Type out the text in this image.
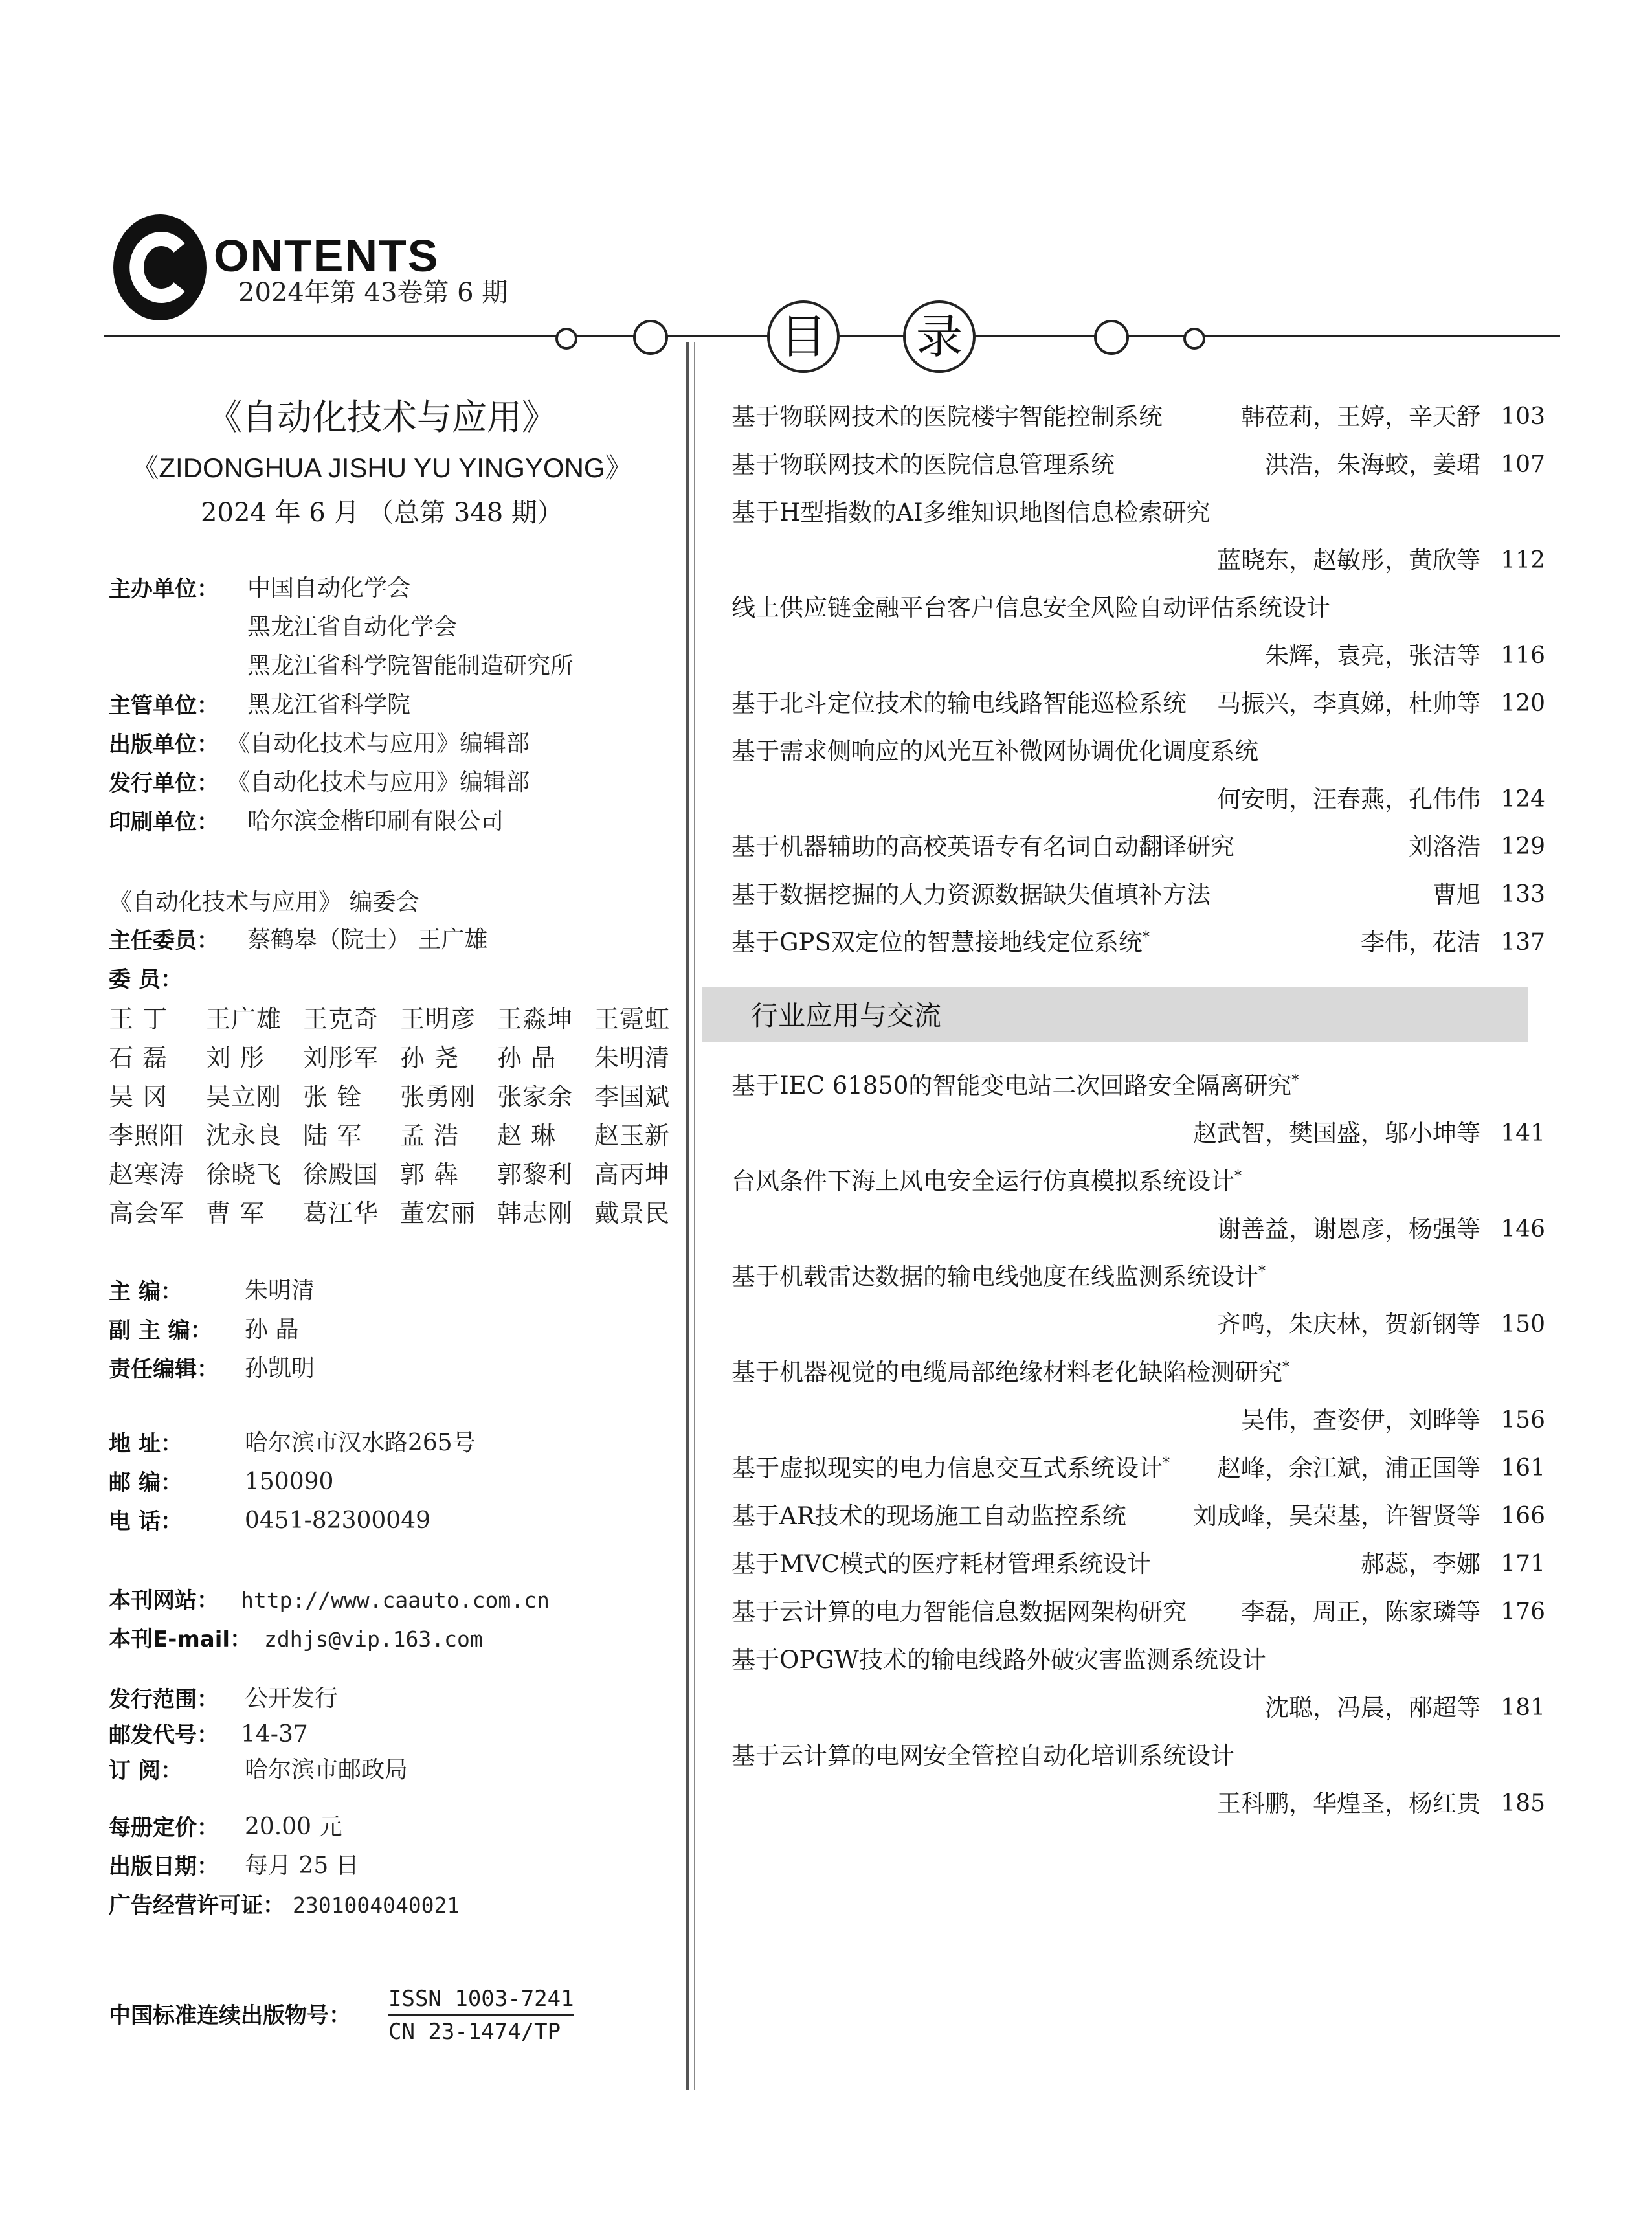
ONTENTS
2024年第 43卷第 6 期
目 录
《自动化技术与应用》
《ZIDONGHUA JISHU YU YINGYONG》
2024 年 6 月 （总第 348 期）
主办单位： 中国自动化学会
黑龙江省自动化学会
黑龙江省科学院智能制造研究所
主管单位： 黑龙江省科学院
出版单位： 《自动化技术与应用》编辑部
发行单位： 《自动化技术与应用》编辑部
印刷单位： 哈尔滨金楷印刷有限公司
《自动化技术与应用》 编委会
主任委员： 蔡鹤皋（院士） 王广雄
委 员：
王 丁 王广雄 王克奇 王明彦 王淼坤 王霓虹
石 磊 刘 彤 刘彤军 孙 尧 孙 晶 朱明清
吴 冈 吴立刚 张 铨 张勇刚 张家余 李国斌
李照阳 沈永良 陆 军 孟 浩 赵 琳 赵玉新
赵寒涛 徐晓飞 徐殿国 郭 犇 郭黎利 高丙坤
高会军 曹 军 葛江华 董宏丽 韩志刚 戴景民
主 编：	朱明清
副 主 编： 孙 晶
责任编辑： 孙凯明
地 址：	哈尔滨市汉水路265号
邮 编：	150090
电 话：	0451-82300049
本刊网站： http://www.caauto.com.cn
本刊E-mail： zdhjs@vip.163.com
发行范围： 公开发行
邮发代号： 14-37
订 阅：	哈尔滨市邮政局
每册定价： 20.00 元
出版日期： 每月 25 日
广告经营许可证： 2301004040021
中国标准连续出版物号：
ISSN 1003-7241
CN 23-1474/TP
基于物联网技术的医院楼宇智能控制系统	韩莅莉，王婷，辛天舒 103
基于物联网技术的医院信息管理系统	洪浩，朱海蛟，姜珺 107
基于H型指数的AI多维知识地图信息检索研究
蓝晓东，赵敏彤，黄欣等 112
线上供应链金融平台客户信息安全风险自动评估系统设计
朱辉，袁亮，张洁等 116
基于北斗定位技术的输电线路智能巡检系统 马振兴，李真娣，杜帅等 120
基于需求侧响应的风光互补微网协调优化调度系统
何安明，汪春燕，孔伟伟 124
基于机器辅助的高校英语专有名词自动翻译研究	刘洛浩 129
基于数据挖掘的人力资源数据缺失值填补方法	曹旭 133
基于GPS双定位的智慧接地线定位系统*	李伟，花洁 137
行业应用与交流
基于IEC 61850的智能变电站二次回路安全隔离研究*
赵武智，樊国盛，邬小坤等 141
台风条件下海上风电安全运行仿真模拟系统设计*
谢善益，谢恩彦，杨强等 146
基于机载雷达数据的输电线弛度在线监测系统设计*
齐鸣，朱庆林，贺新钢等 150
基于机器视觉的电缆局部绝缘材料老化缺陷检测研究*
吴伟，查姿伊，刘晔等 156
基于虚拟现实的电力信息交互式系统设计* 赵峰，余江斌，浦正国等 161
基于AR技术的现场施工自动监控系统	刘成峰，吴荣基，许智贤等 166
基于MVC模式的医疗耗材管理系统设计	郝蕊，李娜 171
基于云计算的电力智能信息数据网架构研究 李磊，周正，陈家璘等 176
基于OPGW技术的输电线路外破灾害监测系统设计
沈聪，冯晨，邴超等 181
基于云计算的电网安全管控自动化培训系统设计
王科鹏，华煌圣，杨红贵 185
